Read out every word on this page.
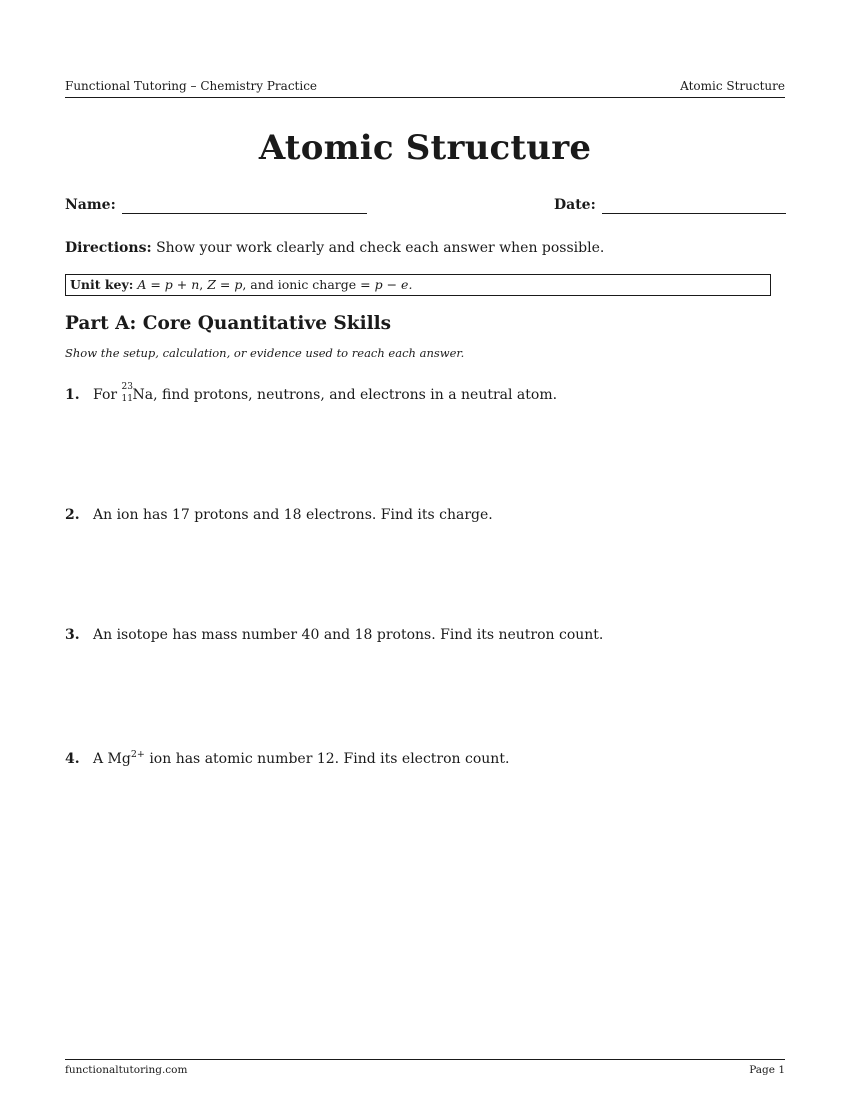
Functional Tutoring – Chemistry Practice	Atomic Structure
Atomic Structure
Name:	Date:
Directions: Show your work clearly and check each answer when possible.
Unit key: A = p + n, Z = p, and ionic charge = p − e.
Part A: Core Quantitative Skills
Show the setup, calculation, or evidence used to reach each answer.
1. For 23
11 Na, find protons, neutrons, and electrons in a neutral atom.
2. An ion has 17 protons and 18 electrons. Find its charge.
3. An isotope has mass number 40 and 18 protons. Find its neutron count.
4. A $Mg^{2+}$ ion has atomic number 12. Find its electron count.
functionaltutoring.com	Page 1
